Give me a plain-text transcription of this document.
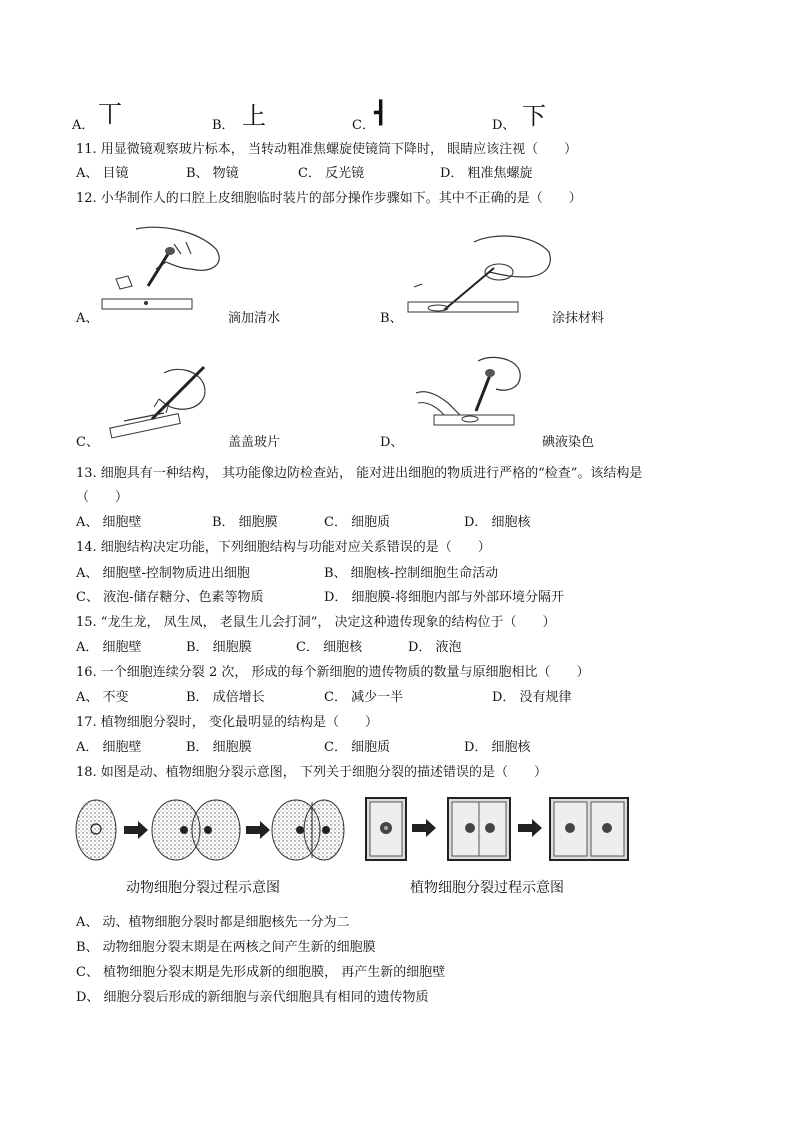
A． 丅	B． 上	C． ┫	D、 下
11. 用显微镜观察玻片标本， 当转动粗准焦螺旋使镜筒下降时， 眼睛应该注视（　　）
A、 目镜	B、 物镜	C． 反光镜	D． 粗准焦螺旋
12. 小华制作人的口腔上皮细胞临时装片的部分操作步骤如下。其中不正确的是（　　）
A、	滴加清水	B、	涂抹材料
C、	盖盖玻片	D、	碘液染色
13. 细胞具有一种结构， 其功能像边防检查站， 能对进出细胞的物质进行严格的“检查”。该结构是
（　　）
A、 细胞壁	B． 细胞膜	C． 细胞质	D． 细胞核
14. 细胞结构决定功能，下列细胞结构与功能对应关系错误的是（　　）
A、 细胞壁-控制物质进出细胞	B、 细胞核-控制细胞生命活动
C、 液泡-储存糖分、色素等物质	D． 细胞膜-将细胞内部与外部环境分隔开
15. “龙生龙， 凤生凤， 老鼠生儿会打洞”， 决定这种遗传现象的结构位于（　　）
A． 细胞壁	B． 细胞膜	C． 细胞核	D． 液泡
16. 一个细胞连续分裂 2 次， 形成的每个新细胞的遗传物质的数量与原细胞相比（　　）
A、 不变	B． 成倍增长	C． 减少一半	D． 没有规律
17. 植物细胞分裂时， 变化最明显的结构是（　　）
A． 细胞壁	B． 细胞膜	C． 细胞质	D． 细胞核
18. 如图是动、植物细胞分裂示意图， 下列关于细胞分裂的描述错误的是（　　）
动物细胞分裂过程示意图	植物细胞分裂过程示意图
A、 动、植物细胞分裂时都是细胞核先一分为二
B、 动物细胞分裂末期是在两核之间产生新的细胞膜
C、 植物细胞分裂末期是先形成新的细胞膜， 再产生新的细胞壁
D、 细胞分裂后形成的新细胞与亲代细胞具有相同的遗传物质
